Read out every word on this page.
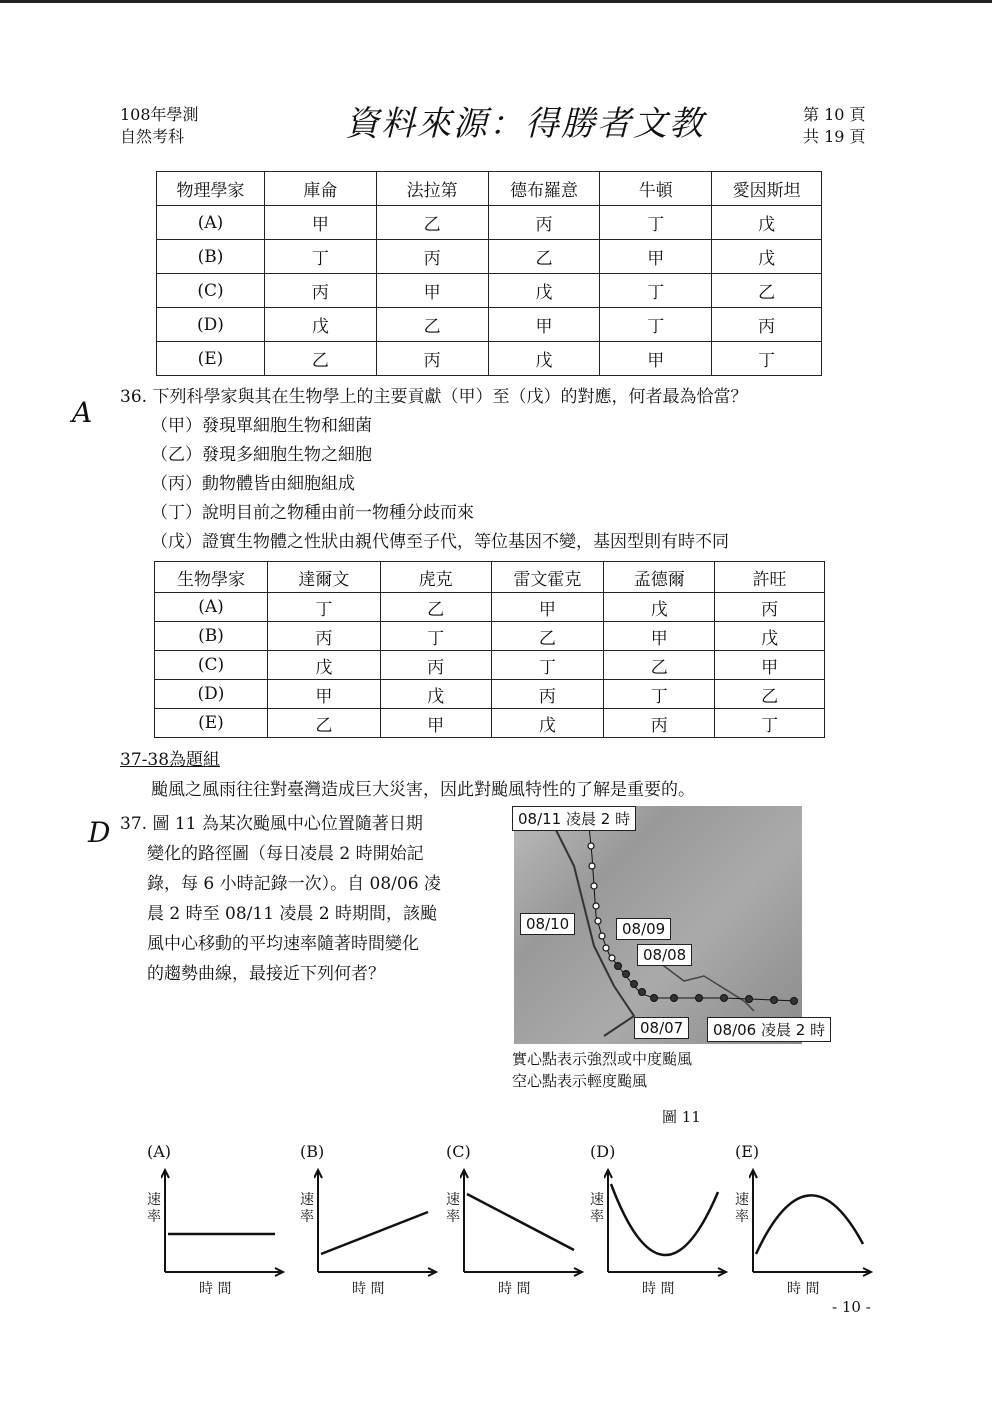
108年學測
自然考科	資料來源：得勝者文教	第 10 頁
共 19 頁
物理學家	庫侖	法拉第	德布羅意	牛頓	愛因斯坦
(A)	甲	乙	丙	丁	戊
(B)	丁	丙	乙	甲	戊
(C)	丙	甲	戊	丁	乙
(D)	戊	乙	甲	丁	丙
(E)	乙	丙	戊	甲	丁
A 36. 下列科學家與其在生物學上的主要貢獻（甲）至（戊）的對應，何者最為恰當？
（甲）發現單細胞生物和細菌
（乙）發現多細胞生物之細胞
（丙）動物體皆由細胞組成
（丁）說明目前之物種由前一物種分歧而來
（戊）證實生物體之性狀由親代傳至子代，等位基因不變，基因型則有時不同
生物學家	達爾文	虎克	雷文霍克	孟德爾	許旺
(A)	丁	乙	甲	戊	丙
(B)	丙	丁	乙	甲	戊
(C)	戊	丙	丁	乙	甲
(D)	甲	戊	丙	丁	乙
(E)	乙	甲	戊	丙	丁
37-38為題組
颱風之風雨往往對臺灣造成巨大災害，因此對颱風特性的了解是重要的。
D 37. 圖 11 為某次颱風中心位置隨著日期
變化的路徑圖（每日凌晨 2 時開始記
錄，每 6 小時記錄一次）。自 08/06 凌
晨 2 時至 08/11 凌晨 2 時期間，該颱
風中心移動的平均速率隨著時間變化
的趨勢曲線，最接近下列何者？
08/11 凌晨 2 時
08/10	08/09
08/08
08/07	08/06 凌晨 2 時
實心點表示強烈或中度颱風
空心點表示輕度颱風
圖 11
(A)
速
率
時 間
(B)
速
率
時 間
(C)
速
率
時 間
(D)
速
率
時 間
(E)
速
率
時 間
- 10 -
